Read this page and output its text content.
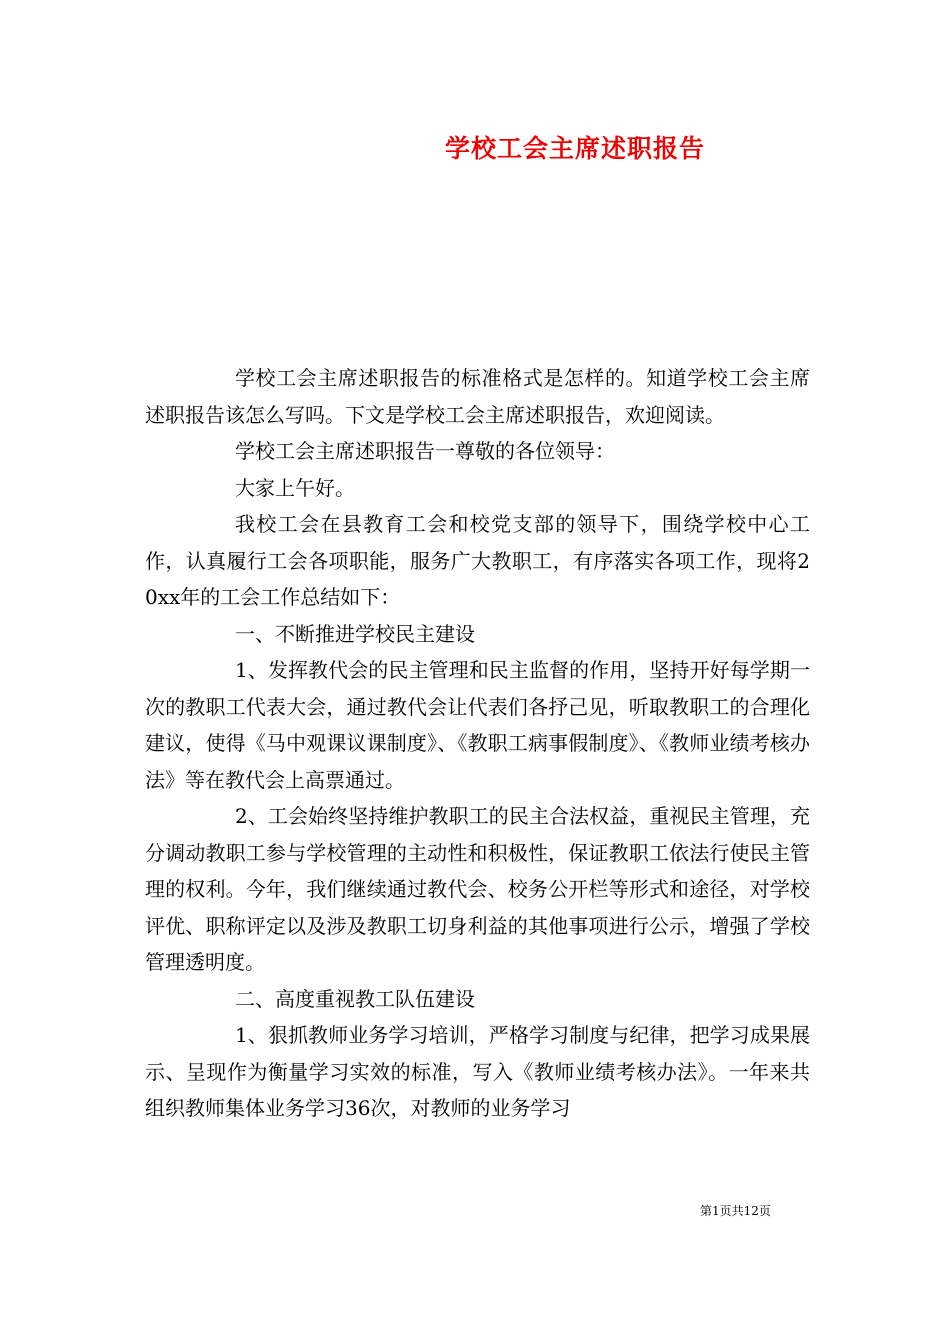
学校工会主席述职报告

学校工会主席述职报告的标准格式是怎样的。知道学校工会主席述职报告该怎么写吗。下文是学校工会主席述职报告，欢迎阅读。

学校工会主席述职报告一尊敬的各位领导：

大家上午好。

我校工会在县教育工会和校党支部的领导下，围绕学校中心工作，认真履行工会各项职能，服务广大教职工，有序落实各项工作，现将20xx年的工会工作总结如下：

一、不断推进学校民主建设

1、发挥教代会的民主管理和民主监督的作用，坚持开好每学期一次的教职工代表大会，通过教代会让代表们各抒己见，听取教职工的合理化建议，使得《马中观课议课制度》、《教职工病事假制度》、《教师业绩考核办法》等在教代会上高票通过。

2、工会始终坚持维护教职工的民主合法权益，重视民主管理，充分调动教职工参与学校管理的主动性和积极性，保证教职工依法行使民主管理的权利。今年，我们继续通过教代会、校务公开栏等形式和途径，对学校评优、职称评定以及涉及教职工切身利益的其他事项进行公示，增强了学校管理透明度。

二、高度重视教工队伍建设

1、狠抓教师业务学习培训，严格学习制度与纪律，把学习成果展示、呈现作为衡量学习实效的标准，写入《教师业绩考核办法》。一年来共组织教师集体业务学习36次，对教师的业务学习

第1页共12页
